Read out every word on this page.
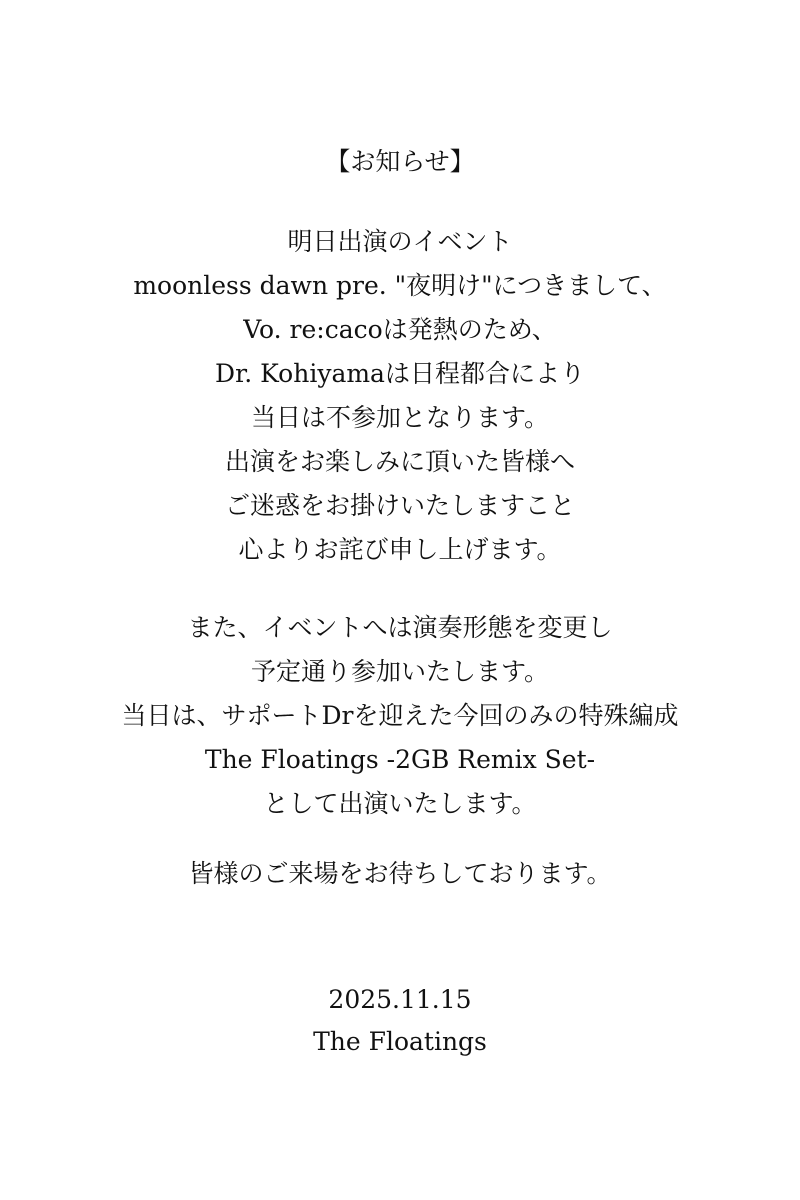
【お知らせ】
明日出演のイベント
moonless dawn pre. "夜明け"につきまして、
Vo. re:cacoは発熱のため、
Dr. Kohiyamaは日程都合により
当日は不参加となります。
出演をお楽しみに頂いた皆様へ
ご迷惑をお掛けいたしますこと
心よりお詫び申し上げます。
また、イベントへは演奏形態を変更し
予定通り参加いたします。
当日は、サポートDrを迎えた今回のみの特殊編成
The Floatings -2GB Remix Set-
として出演いたします。
皆様のご来場をお待ちしております。
2025.11.15
The Floatings
